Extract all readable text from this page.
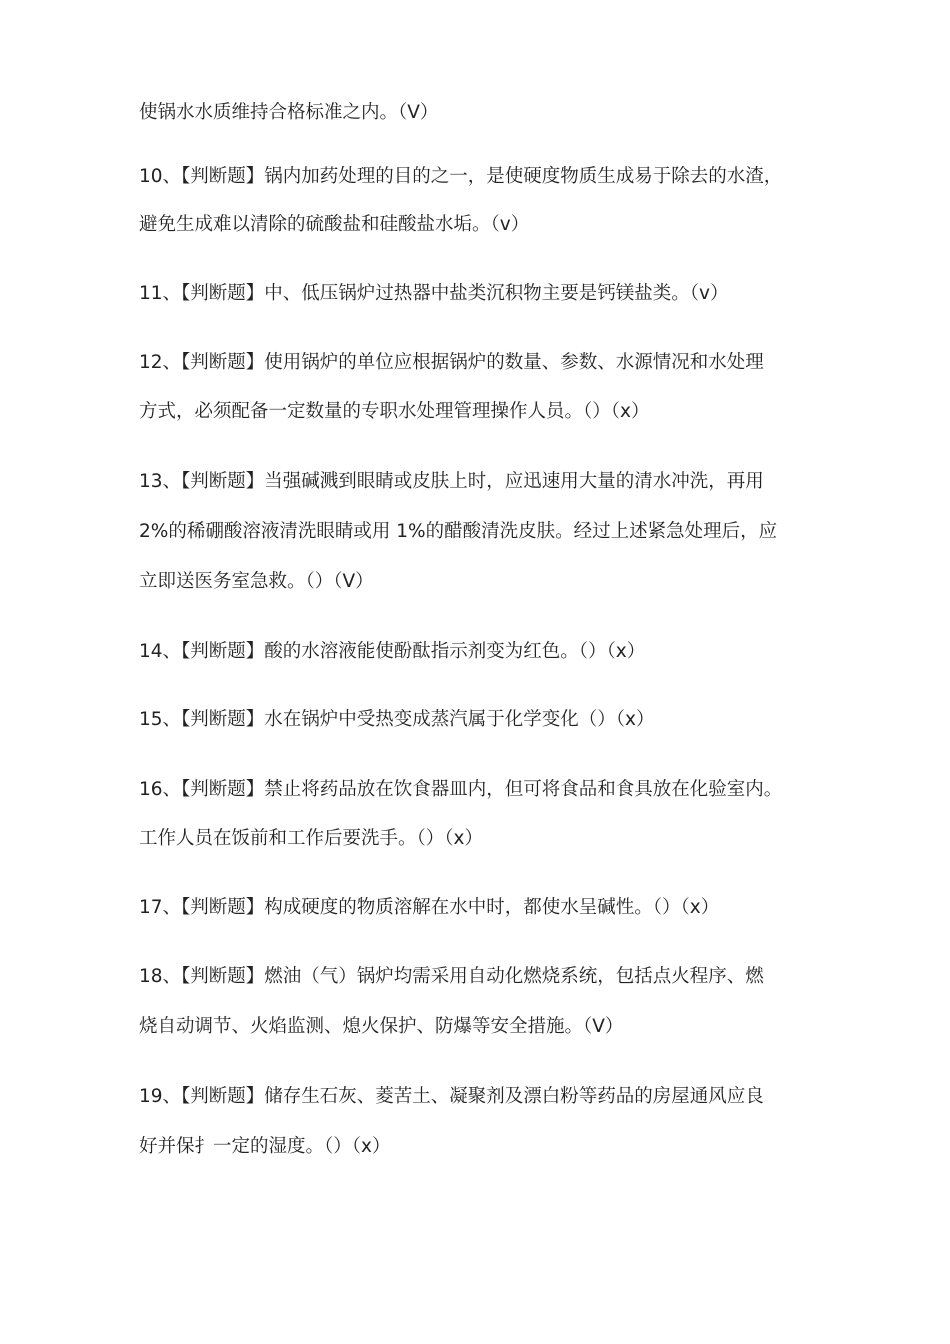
使锅水水质维持合格标准之内。（V）
10、【判断题】锅内加药处理的目的之一，是使硬度物质生成易于除去的水渣，
避免生成难以清除的硫酸盐和硅酸盐水垢。（v）
11、【判断题】中、低压锅炉过热器中盐类沉积物主要是钙镁盐类。（v）
12、【判断题】使用锅炉的单位应根据锅炉的数量、参数、水源情况和水处理
方式，必须配备一定数量的专职水处理管理操作人员。（）（x）
13、【判断题】当强碱溅到眼睛或皮肤上时，应迅速用大量的清水冲洗，再用
2%的稀硼酸溶液清洗眼睛或用 1%的醋酸清洗皮肤。经过上述紧急处理后，应
立即送医务室急救。（）（V）
14、【判断题】酸的水溶液能使酚酞指示剂变为红色。（）（x）
15、【判断题】水在锅炉中受热变成蒸汽属于化学变化（）（x）
16、【判断题】禁止将药品放在饮食器皿内，但可将食品和食具放在化验室内。
工作人员在饭前和工作后要洗手。（）（x）
17、【判断题】构成硬度的物质溶解在水中时，都使水呈碱性。（）（x）
18、【判断题】燃油（气）锅炉均需采用自动化燃烧系统，包括点火程序、燃
烧自动调节、火焰监测、熄火保护、防爆等安全措施。（V）
19、【判断题】储存生石灰、菱苦土、凝聚剂及漂白粉等药品的房屋通风应良
好并保扌一定的湿度。（）（x）
